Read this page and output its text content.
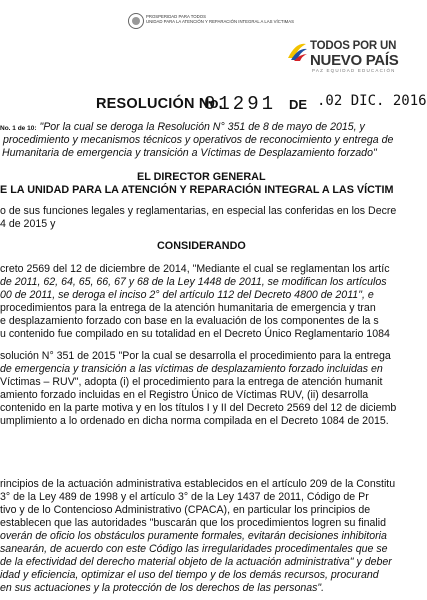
PROSPERIDAD PARA TODOS
UNIDAD PARA LA ATENCIÓN Y REPARACIÓN INTEGRAL A LAS VÍCTIMAS
TODOS POR UN
NUEVO PAÍS
PAZ EQUIDAD EDUCACIÓN
RESOLUCIÓN No.
01291 DE .02 DIC. 2016
No. 1 de 10: "Por la cual se deroga la Resolución N° 351 de 8 de mayo de 2015, y
procedimiento y mecanismos técnicos y operativos de reconocimiento y entrega de
Humanitaria de emergencia y transición a Víctimas de Desplazamiento forzado"
EL DIRECTOR GENERAL
E LA UNIDAD PARA LA ATENCIÓN Y REPARACIÓN INTEGRAL A LAS VÍCTIM
o de sus funciones legales y reglamentarias, en especial las conferidas en los Decre
4 de 2015 y
CONSIDERANDO
creto 2569 del 12 de diciembre de 2014, "Mediante el cual se reglamentan los artíc
de 2011, 62, 64, 65, 66, 67 y 68 de la Ley 1448 de 2011, se modifican los artículos
00 de 2011, se deroga el inciso 2° del artículo 112 del Decreto 4800 de 2011", e
procedimientos para la entrega de la atención humanitaria de emergencia y tran
e desplazamiento forzado con base en la evaluación de los componentes de la s
u contenido fue compilado en su totalidad en el Decreto Único Reglamentario 1084
solución N° 351 de 2015 "Por la cual se desarrolla el procedimiento para la entrega
de emergencia y transición a las víctimas de desplazamiento forzado incluidas en
Víctimas – RUV", adopta (i) el procedimiento para la entrega de atención humanit
amiento forzado incluidas en el Registro Único de Víctimas RUV, (ii) desarrolla
contenido en la parte motiva y en los títulos I y II del Decreto 2569 del 12 de diciemb
umplimiento a lo ordenado en dicha norma compilada en el Decreto 1084 de 2015.
rincipios de la actuación administrativa establecidos en el artículo 209 de la Constitu
3° de la Ley 489 de 1998 y el artículo 3° de la Ley 1437 de 2011, Código de Pr
tivo y de lo Contencioso Administrativo (CPACA), en particular los principios de
establecen que las autoridades "buscarán que los procedimientos logren su finalid
overán de oficio los obstáculos puramente formales, evitarán decisiones inhibitoria
sanearán, de acuerdo con este Código las irregularidades procedimentales que se
de la efectividad del derecho material objeto de la actuación administrativa" y deber
idad y eficiencia, optimizar el uso del tiempo y de los demás recursos, procurand
en sus actuaciones y la protección de los derechos de las personas".
